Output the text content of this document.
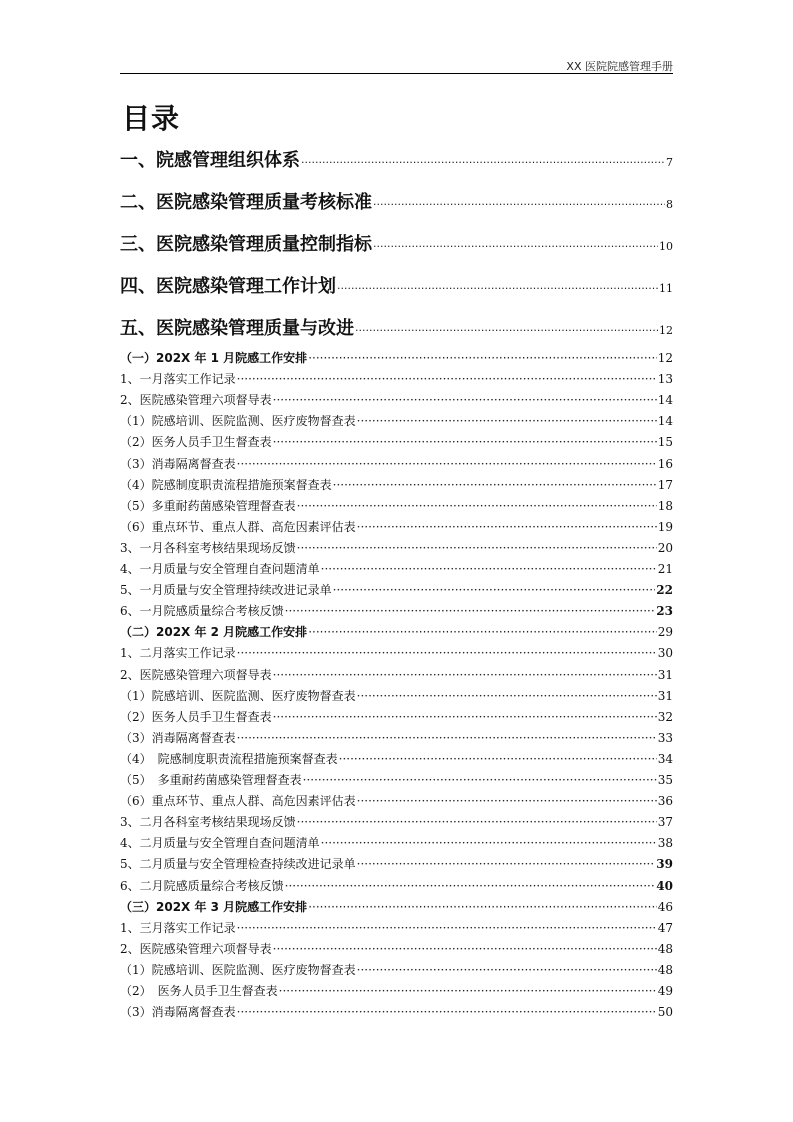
XX 医院院感管理手册
目录
一、院感管理组织体系 ·····	7
二、医院感染管理质量考核标准 ·····	8
三、医院感染管理质量控制指标 ·····	10
四、医院感染管理工作计划 ·····	11
五、医院感染管理质量与改进 ·····	12
（一）202X 年 1 月院感工作安排 ·····	12
1、一月落实工作记录 ·····	13
2、医院感染管理六项督导表 ·····	14
（1）院感培训、医院监测、医疗废物督查表 ·····	14
（2）医务人员手卫生督查表 ·····	15
（3）消毒隔离督查表 ·····	16
（4）院感制度职责流程措施预案督查表 ·····	17
（5）多重耐药菌感染管理督查表 ·····	18
（6）重点环节、重点人群、高危因素评估表 ·····	19
3、一月各科室考核结果现场反馈 ·····	20
4、一月质量与安全管理自查问题清单 ·····	21
5、一月质量与安全管理持续改进记录单 ·····	22
6、一月院感质量综合考核反馈 ·····	23
（二）202X 年 2 月院感工作安排 ·····	29
1、二月落实工作记录 ·····	30
2、医院感染管理六项督导表 ·····	31
（1）院感培训、医院监测、医疗废物督查表 ·····	31
（2）医务人员手卫生督查表 ·····	32
（3）消毒隔离督查表 ·····	33
（4）　院感制度职责流程措施预案督查表 ·····	34
（5）　多重耐药菌感染管理督查表 ·····	35
（6）重点环节、重点人群、高危因素评估表 ·····	36
3、二月各科室考核结果现场反馈 ·····	37
4、二月质量与安全管理自查问题清单 ·····	38
5、二月质量与安全管理检查持续改进记录单 ·····	39
6、二月院感质量综合考核反馈 ·····	40
（三）202X 年 3 月院感工作安排 ·····	46
1、三月落实工作记录 ·····	47
2、医院感染管理六项督导表 ·····	48
（1）院感培训、医院监测、医疗废物督查表 ·····	48
（2）　医务人员手卫生督查表 ·····	49
（3）消毒隔离督查表 ·····	50
